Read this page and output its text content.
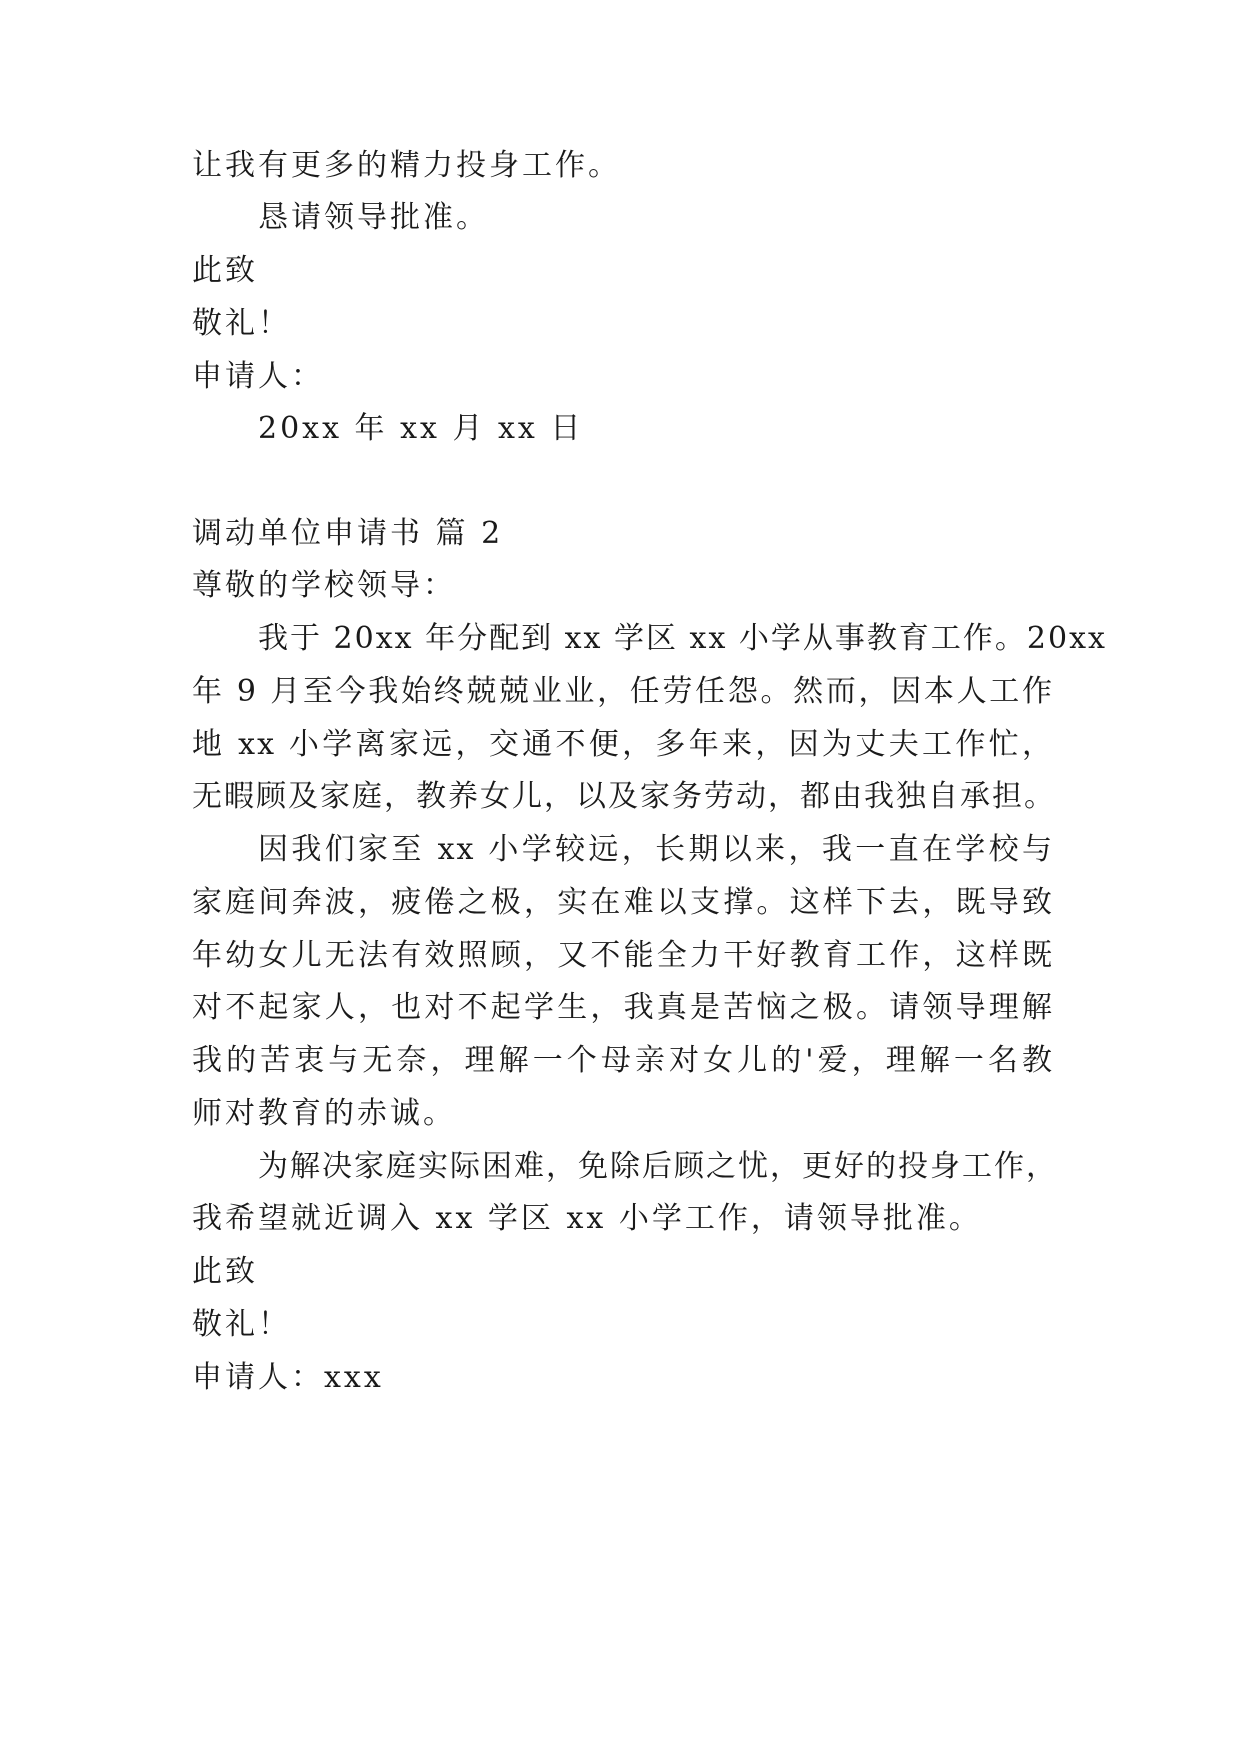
让我有更多的精力投身工作。
恳请领导批准。
此致
敬礼！
申请人：
20xx 年 xx 月 xx 日
调动单位申请书 篇 2
尊敬的学校领导：
我于 20xx 年分配到 xx 学区 xx 小学从事教育工作。20xx
年 9 月至今我始终兢兢业业，任劳任怨。然而，因本人工作
地 xx 小学离家远，交通不便，多年来，因为丈夫工作忙，
无暇顾及家庭，教养女儿，以及家务劳动，都由我独自承担。
因我们家至 xx 小学较远，长期以来，我一直在学校与
家庭间奔波，疲倦之极，实在难以支撑。这样下去，既导致
年幼女儿无法有效照顾，又不能全力干好教育工作，这样既
对不起家人，也对不起学生，我真是苦恼之极。请领导理解
我的苦衷与无奈，理解一个母亲对女儿的'爱，理解一名教
师对教育的赤诚。
为解决家庭实际困难，免除后顾之忧，更好的投身工作，
我希望就近调入 xx 学区 xx 小学工作，请领导批准。
此致
敬礼！
申请人：xxx
